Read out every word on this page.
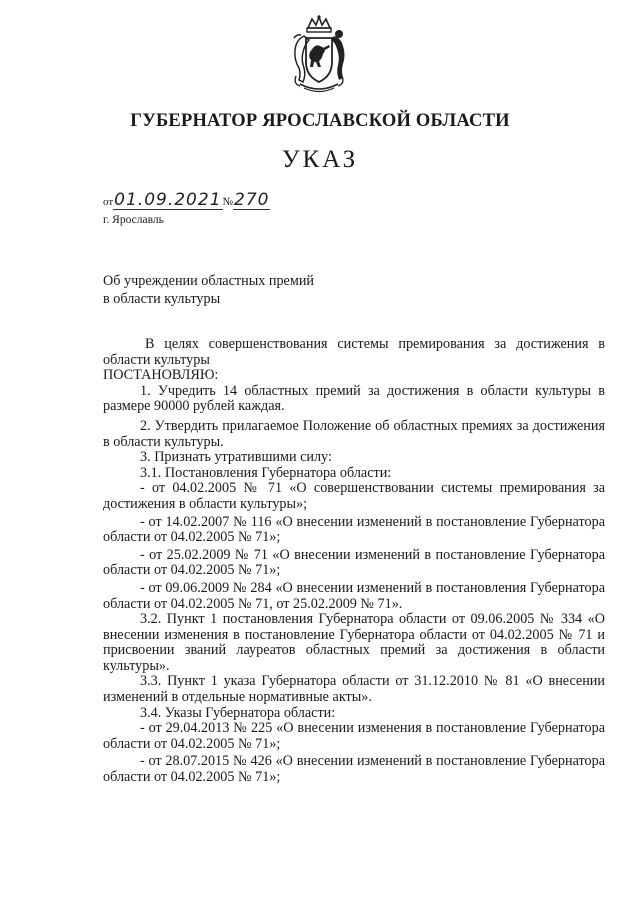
ГУБЕРНАТОР ЯРОСЛАВСКОЙ ОБЛАСТИ
УКАЗ
от01.09.2021№270
г. Ярославль
Об учреждении областных премий
в области культуры

В целях совершенствования системы премирования за достижения в области культуры

ПОСТАНОВЛЯЮ:

1. Учредить 14 областных премий за достижения в области культуры в размере 90000 рублей каждая.

2. Утвердить прилагаемое Положение об областных премиях за достижения в области культуры.

3. Признать утратившими силу:

3.1. Постановления Губернатора области:

- от 04.02.2005 № 71 «О совершенствовании системы премирования за достижения в области культуры»;

- от 14.02.2007 № 116 «О внесении изменений в постановление Губернатора области от 04.02.2005 № 71»;

- от 25.02.2009 № 71 «О внесении изменений в постановление Губернатора области от 04.02.2005 № 71»;

- от 09.06.2009 № 284 «О внесении изменений в постановления Губернатора области от 04.02.2005 № 71, от 25.02.2009 № 71».

3.2. Пункт 1 постановления Губернатора области от 09.06.2005 № 334 «О внесении изменения в постановление Губернатора области от 04.02.2005 № 71 и присвоении званий лауреатов областных премий за достижения в области культуры».

3.3. Пункт 1 указа Губернатора области от 31.12.2010 № 81 «О внесении изменений в отдельные нормативные акты».

3.4. Указы Губернатора области:

- от 29.04.2013 № 225 «О внесении изменения в постановление Губернатора области от 04.02.2005 № 71»;

- от 28.07.2015 № 426 «О внесении изменений в постановление Губернатора области от 04.02.2005 № 71»;
